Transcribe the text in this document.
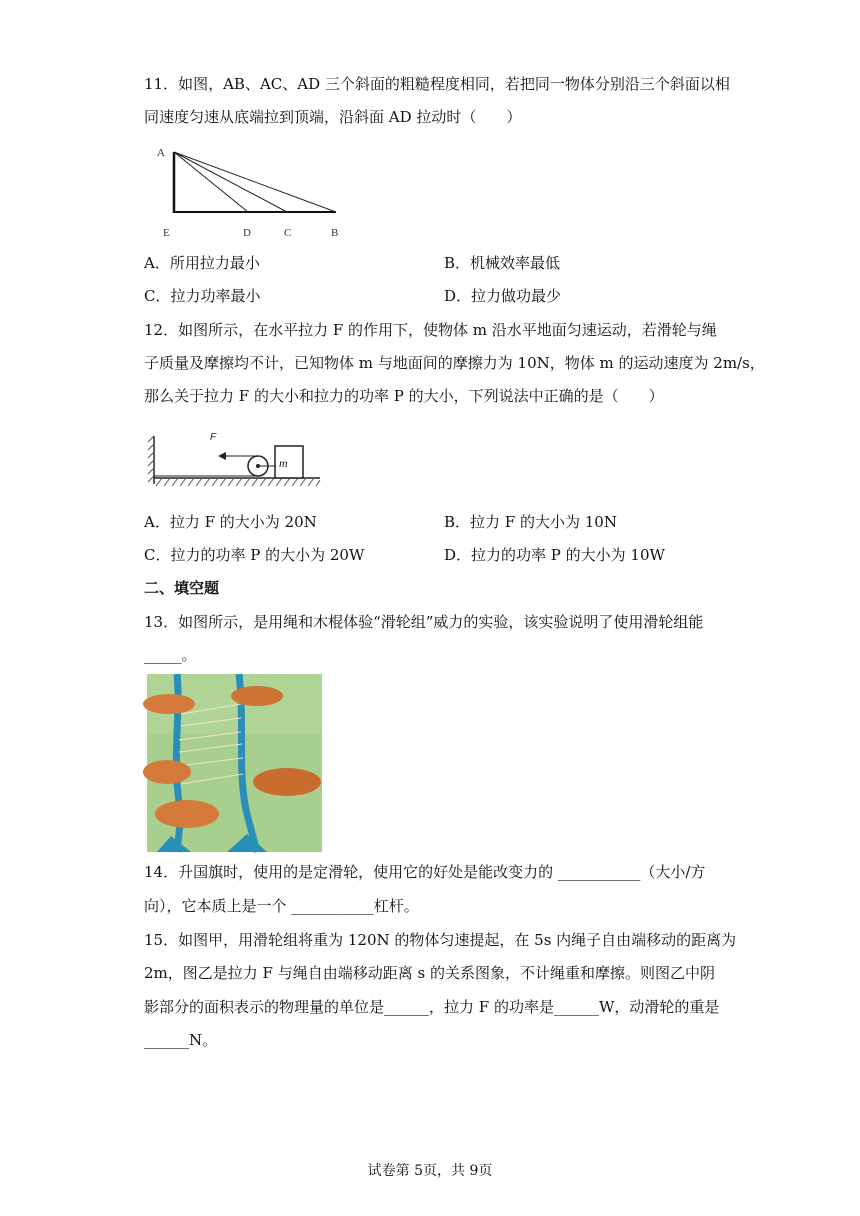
11．如图，AB、AC、AD 三个斜面的粗糙程度相同，若把同一物体分别沿三个斜面以相
同速度匀速从底端拉到顶端，沿斜面 AD 拉动时（　　）
A
E	D	C	B
A．所用拉力最小	B．机械效率最低
C．拉力功率最小	D．拉力做功最少
12．如图所示，在水平拉力 F 的作用下，使物体 m 沿水平地面匀速运动，若滑轮与绳
子质量及摩擦均不计，已知物体 m 与地面间的摩擦力为 10N，物体 m 的运动速度为 2m/s，
那么关于拉力 F 的大小和拉力的功率 P 的大小，下列说法中正确的是（　　）
m
F
A．拉力 F 的大小为 20N	B．拉力 F 的大小为 10N
C．拉力的功率 P 的大小为 20W	D．拉力的功率 P 的大小为 10W
二、填空题
13．如图所示，是用绳和木棍体验“滑轮组”威力的实验，该实验说明了使用滑轮组能
_____。
14．升国旗时，使用的是定滑轮，使用它的好处是能改变力的 ___________（大小/方
向），它本质上是一个 ___________杠杆。
15．如图甲，用滑轮组将重为 120N 的物体匀速提起，在 5s 内绳子自由端移动的距离为
2m，图乙是拉力 F 与绳自由端移动距离 s 的关系图象，不计绳重和摩擦。则图乙中阴
影部分的面积表示的物理量的单位是______，拉力 F 的功率是______W，动滑轮的重是
______N。
试卷第 5页，共 9页
